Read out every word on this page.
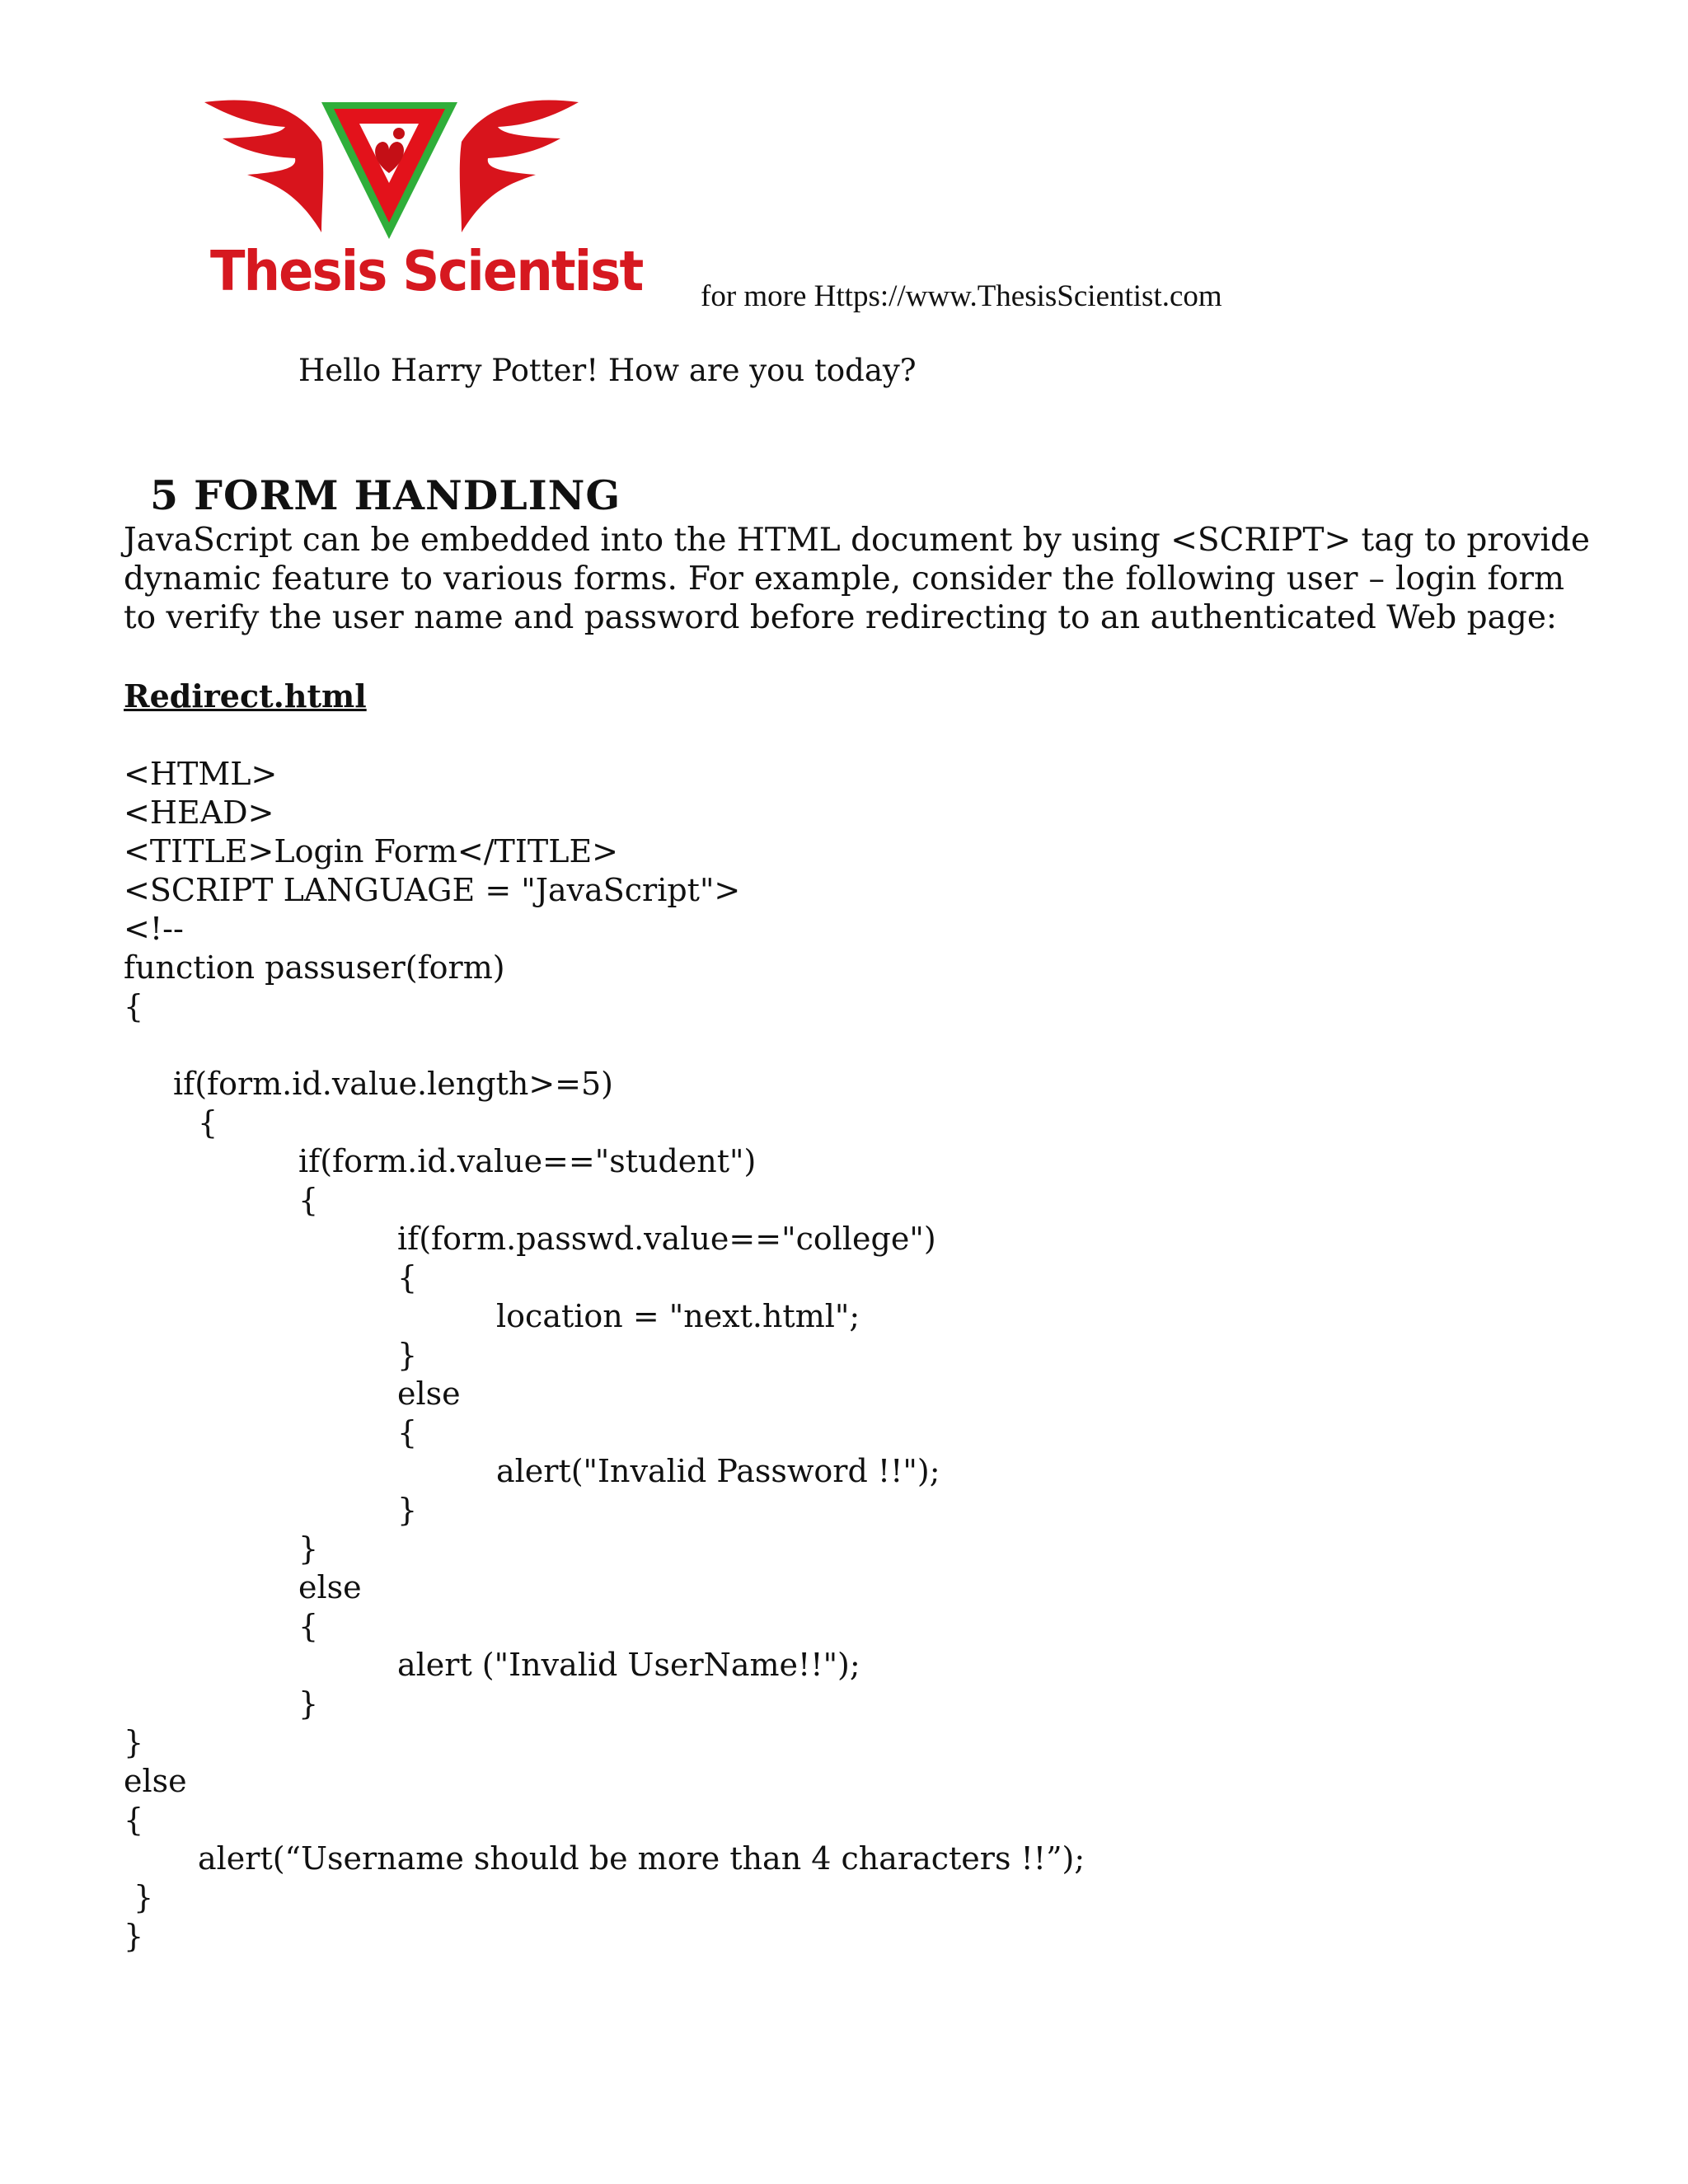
Thesis Scientist for more Https://www.ThesisScientist.com
Hello Harry Potter! How are you today?
5 FORM HANDLING
JavaScript can be embedded into the HTML document by using <SCRIPT> tag to provide
dynamic feature to various forms. For example, consider the following user – login form
to verify the user name and password before redirecting to an authenticated Web page:
Redirect.html
<HTML>
<HEAD>
<TITLE>Login Form</TITLE>
<SCRIPT LANGUAGE = "JavaScript">
<!--
function passuser(form)
{
if(form.id.value.length>=5)
{
if(form.id.value=="student")
{
if(form.passwd.value=="college")
{
location = "next.html";
}
else
{
alert("Invalid Password !!");
}
}
else
{
alert ("Invalid UserName!!");
}
}
else
{
alert(“Username should be more than 4 characters !!”);
}
}
